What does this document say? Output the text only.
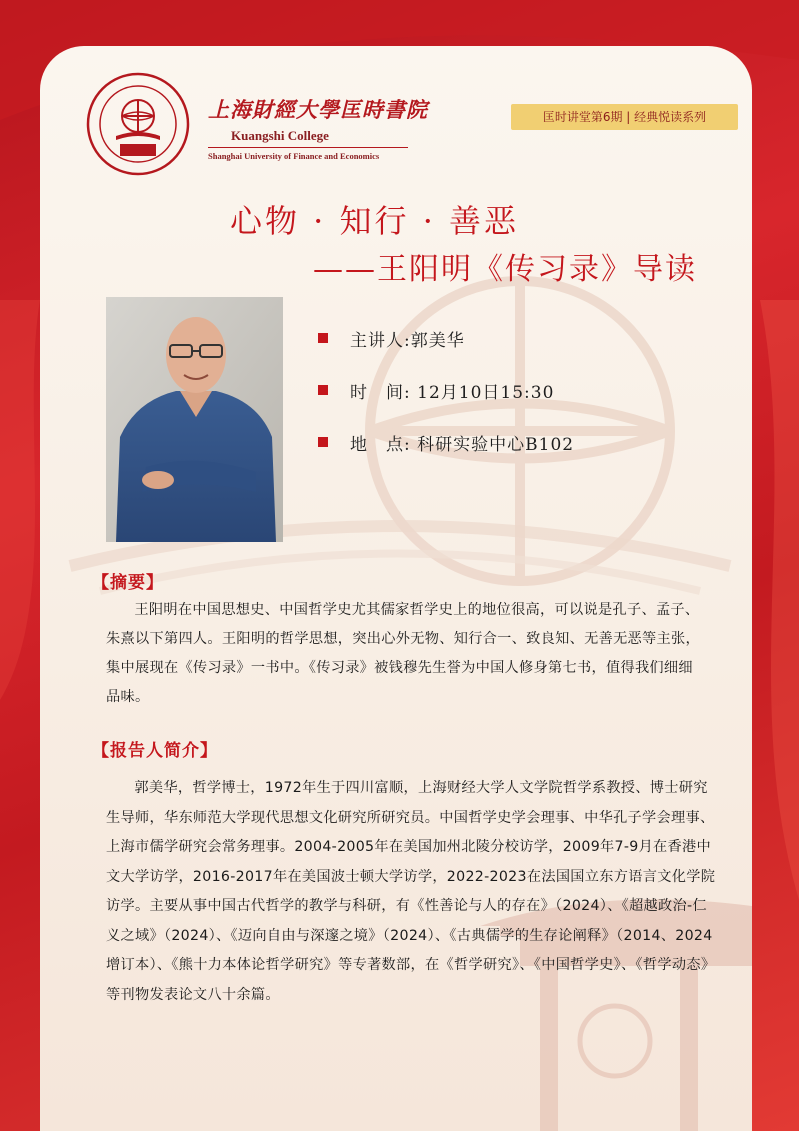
上海財經大學匡時書院
Kuangshi College
Shanghai University of Finance and Economics
匡时讲堂第6期 | 经典悦读系列
心物 · 知行 · 善恶
——王阳明《传习录》导读
主讲人:郭美华
时　间: 12月10日15:30
地　点: 科研实验中心B102
【摘要】
王阳明在中国思想史、中国哲学史尤其儒家哲学史上的地位很高，可以说是孔子、孟子、朱熹以下第四人。王阳明的哲学思想，突出心外无物、知行合一、致良知、无善无恶等主张，集中展现在《传习录》一书中。《传习录》被钱穆先生誉为中国人修身第七书，值得我们细细品味。
【报告人简介】
郭美华，哲学博士，1972年生于四川富顺，上海财经大学人文学院哲学系教授、博士研究生导师，华东师范大学现代思想文化研究所研究员。中国哲学史学会理事、中华孔子学会理事、上海市儒学研究会常务理事。2004-2005年在美国加州北陵分校访学，2009年7-9月在香港中文大学访学，2016-2017年在美国波士顿大学访学，2022-2023在法国国立东方语言文化学院访学。主要从事中国古代哲学的教学与科研，有《性善论与人的存在》（2024）、《超越政治-仁义之域》（2024）、《迈向自由与深邃之境》（2024）、《古典儒学的生存论阐释》（2014、2024增订本）、《熊十力本体论哲学研究》等专著数部，在《哲学研究》、《中国哲学史》、《哲学动态》等刊物发表论文八十余篇。
